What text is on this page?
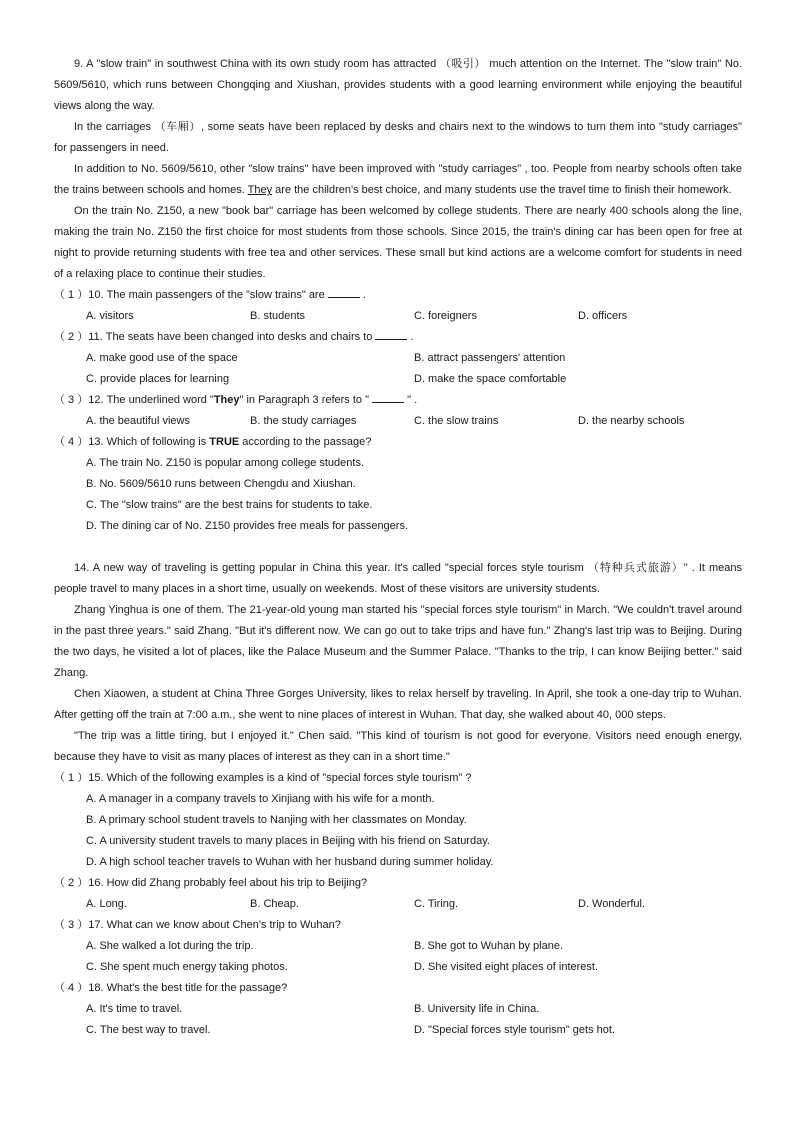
9. A "slow train" in southwest China with its own study room has attracted （吸引） much attention on the Internet. The "slow train" No. 5609/5610, which runs between Chongqing and Xiushan, provides students with a good learning environment while enjoying the beautiful views along the way.

In the carriages （车厢）, some seats have been replaced by desks and chairs next to the windows to turn them into "study carriages" for passengers in need.

In addition to No. 5609/5610, other "slow trains" have been improved with "study carriages" , too. People from nearby schools often take the trains between schools and homes. They are the children's best choice, and many students use the travel time to finish their homework.

On the train No. Z150, a new "book bar" carriage has been welcomed by college students. There are nearly 400 schools along the line, making the train No. Z150 the first choice for most students from those schools. Since 2015, the train's dining car has been open for free at night to provide returning students with free tea and other services. These small but kind actions are a welcome comfort for students in need of a relaxing place to continue their studies.

（ 1 ）10. The main passengers of the "slow trains" are	.

A. visitors	B. students	C. foreigners	D. officers

（ 2 ）11. The seats have been changed into desks and chairs to	.

A. make good use of the space	B. attract passengers' attention
C. provide places for learning	D. make the space comfortable

（ 3 ）12. The underlined word "They" in Paragraph 3 refers to "	" .

A. the beautiful views	B. the study carriages	C. the slow trains	D. the nearby schools

（ 4 ）13. Which of following is TRUE according to the passage?

A. The train No. Z150 is popular among college students.
B. No. 5609/5610 runs between Chengdu and Xiushan.
C. The "slow trains" are the best trains for students to take.
D. The dining car of No. Z150 provides free meals for passengers.

14. A new way of traveling is getting popular in China this year. It's called "special forces style tourism （特种兵式旅游）" . It means people travel to many places in a short time, usually on weekends. Most of these visitors are university students.

Zhang Yinghua is one of them. The 21-year-old young man started his "special forces style tourism" in March. "We couldn't travel around in the past three years." said Zhang. "But it's different now. We can go out to take trips and have fun." Zhang's last trip was to Beijing. During the two days, he visited a lot of places, like the Palace Museum and the Summer Palace. "Thanks to the trip, I can know Beijing better." said Zhang.

Chen Xiaowen, a student at China Three Gorges University, likes to relax herself by traveling. In April, she took a one-day trip to Wuhan. After getting off the train at 7:00 a.m., she went to nine places of interest in Wuhan. That day, she walked about 40, 000 steps.

"The trip was a little tiring, but I enjoyed it." Chen said. "This kind of tourism is not good for everyone. Visitors need enough energy, because they have to visit as many places of interest as they can in a short time."

（ 1 ）15. Which of the following examples is a kind of "special forces style tourism" ?

A. A manager in a company travels to Xinjiang with his wife for a month.
B. A primary school student travels to Nanjing with her classmates on Monday.
C. A university student travels to many places in Beijing with his friend on Saturday.
D. A high school teacher travels to Wuhan with her husband during summer holiday.

（ 2 ）16. How did Zhang probably feel about his trip to Beijing?

A. Long.	B. Cheap.	C. Tiring.	D. Wonderful.

（ 3 ）17. What can we know about Chen's trip to Wuhan?

A. She walked a lot during the trip.	B. She got to Wuhan by plane.
C. She spent much energy taking photos.	D. She visited eight places of interest.

（ 4 ）18. What's the best title for the passage?

A. It's time to travel.	B. University life in China.
C. The best way to travel.	D. "Special forces style tourism" gets hot.
